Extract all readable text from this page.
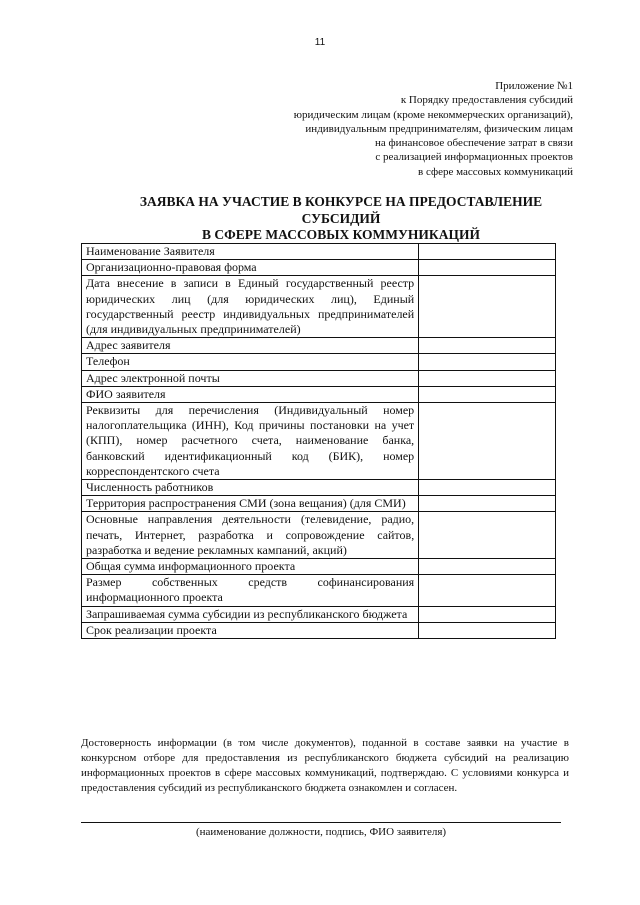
11
Приложение №1
к Порядку предоставления субсидий
юридическим лицам (кроме некоммерческих организаций),
индивидуальным предпринимателям, физическим лицам
на финансовое обеспечение затрат в связи
с реализацией информационных проектов
в сфере массовых коммуникаций
ЗАЯВКА НА УЧАСТИЕ В КОНКУРСЕ НА ПРЕДОСТАВЛЕНИЕ
СУБСИДИЙ
В СФЕРЕ МАССОВЫХ КОММУНИКАЦИЙ
Наименование Заявителя	
Организационно-правовая форма	
Дата внесение в записи в Единый государственный реестр юридических лиц (для юридических лиц), Единый государственный реестр индивидуальных предпринимателей (для индивидуальных предпринимателей)	
Адрес заявителя	
Телефон	
Адрес электронной почты	
ФИО заявителя	
Реквизиты для перечисления (Индивидуальный номер налогоплательщика (ИНН), Код причины постановки на учет (КПП), номер расчетного счета, наименование банка, банковский идентификационный код (БИК), номер корреспондентского счета	
Численность работников	
Территория распространения СМИ (зона вещания) (для СМИ)	
Основные направления деятельности (телевидение, радио, печать, Интернет, разработка и сопровождение сайтов, разработка и ведение рекламных кампаний, акций)	
Общая сумма информационного проекта	
Размер собственных средств софинансирования информационного проекта	
Запрашиваемая сумма субсидии из республиканского бюджета	
Срок реализации проекта	
Достоверность информации (в том числе документов), поданной в составе заявки на участие в конкурсном отборе для предоставления из республиканского бюджета субсидий на реализацию информационных проектов в сфере массовых коммуникаций, подтверждаю. С условиями конкурса и предоставления субсидий из республиканского бюджета ознакомлен и согласен.
(наименование должности, подпись, ФИО заявителя)
